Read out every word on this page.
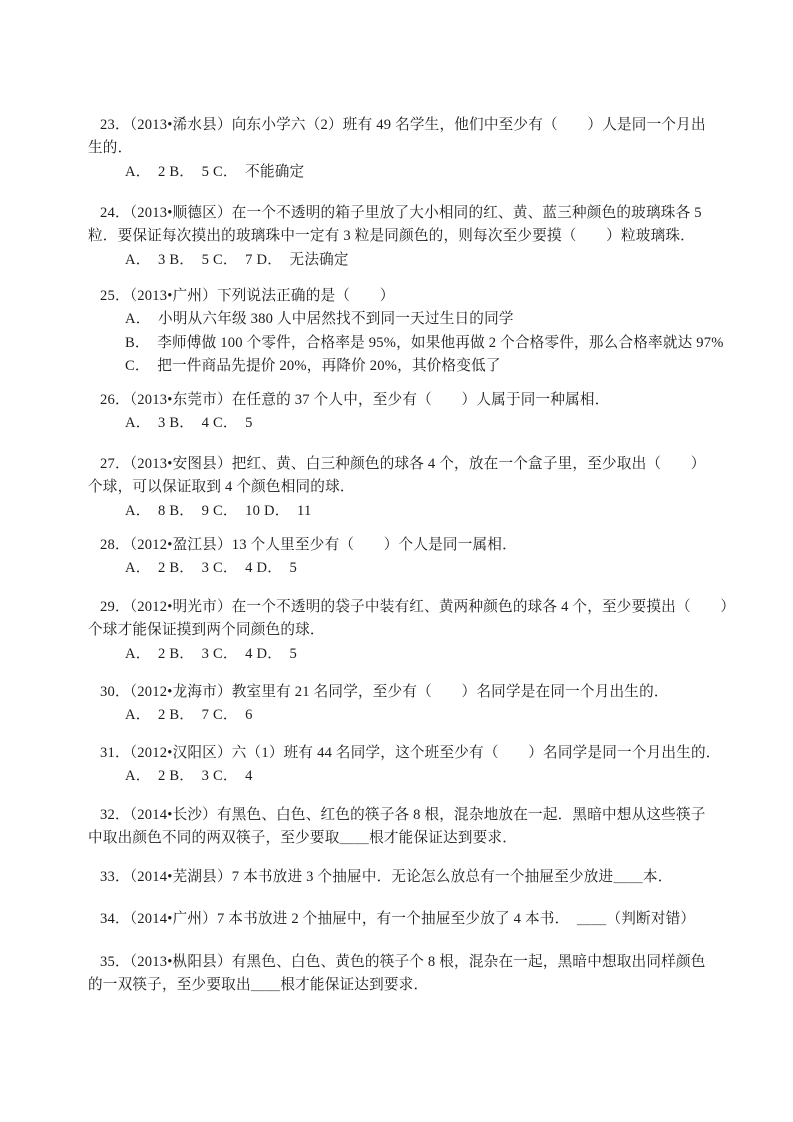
23．（2013•浠水县）向东小学六（2）班有 49 名学生，他们中至少有（　　）人是同一个月出
生的．
A．　2 B．　5 C．　不能确定
24．（2013•顺德区）在一个不透明的箱子里放了大小相同的红、黄、蓝三种颜色的玻璃珠各 5
粒．要保证每次摸出的玻璃珠中一定有 3 粒是同颜色的，则每次至少要摸（　　）粒玻璃珠．
A．　3 B．　5 C．　7 D．　无法确定
25．（2013•广州）下列说法正确的是（　　）
A．　小明从六年级 380 人中居然找不到同一天过生日的同学
B．　李师傅做 100 个零件，合格率是 95%，如果他再做 2 个合格零件，那么合格率就达 97%
C．　把一件商品先提价 20%，再降价 20%，其价格变低了
26．（2013•东莞市）在任意的 37 个人中，至少有（　　）人属于同一种属相．
A．　3 B．　4 C．　5
27．（2013•安图县）把红、黄、白三种颜色的球各 4 个，放在一个盒子里，至少取出（　　）
个球，可以保证取到 4 个颜色相同的球．
A．　8 B．　9 C．　10 D．　11
28．（2012•盈江县）13 个人里至少有（　　）个人是同一属相．
A．　2 B．　3 C．　4 D．　5
29．（2012•明光市）在一个不透明的袋子中装有红、黄两种颜色的球各 4 个，至少要摸出（　　）
个球才能保证摸到两个同颜色的球．
A．　2 B．　3 C．　4 D．　5
30．（2012•龙海市）教室里有 21 名同学，至少有（　　）名同学是在同一个月出生的．
A．　2 B．　7 C．　6
31．（2012•汉阳区）六（1）班有 44 名同学，这个班至少有（　　）名同学是同一个月出生的．
A．　2 B．　3 C．　4
32．（2014•长沙）有黑色、白色、红色的筷子各 8 根，混杂地放在一起．黑暗中想从这些筷子
中取出颜色不同的两双筷子，至少要取＿＿根才能保证达到要求．
33．（2014•芜湖县）7 本书放进 3 个抽屉中．无论怎么放总有一个抽屉至少放进＿＿本．
34．（2014•广州）7 本书放进 2 个抽屉中，有一个抽屉至少放了 4 本书．　＿＿（判断对错）
35．（2013•枞阳县）有黑色、白色、黄色的筷子个 8 根，混杂在一起，黑暗中想取出同样颜色
的一双筷子，至少要取出＿＿根才能保证达到要求．
